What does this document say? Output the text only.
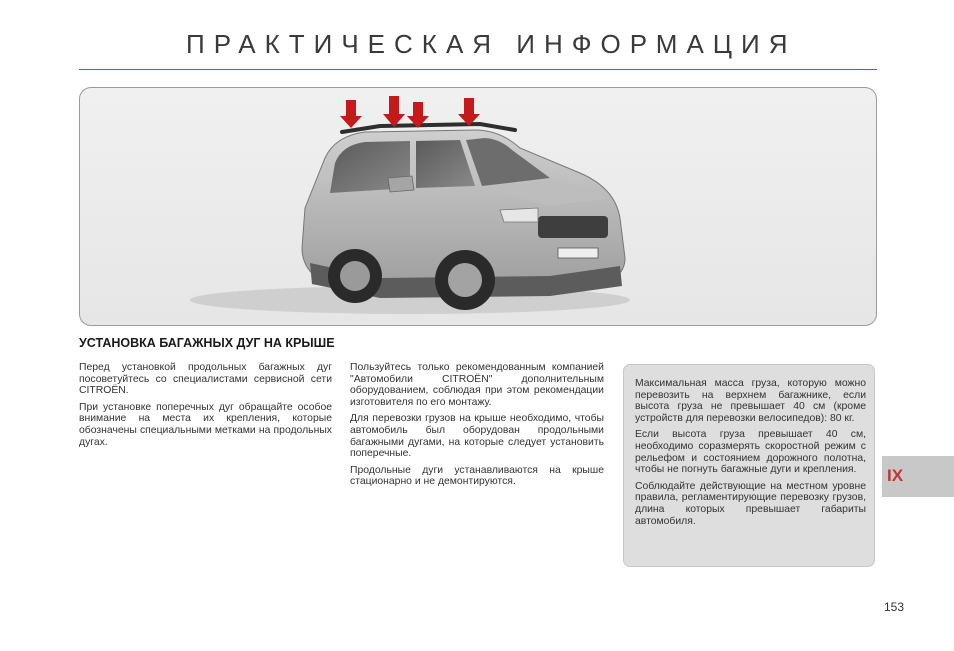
ПРАКТИЧЕСКАЯ ИНФОРМАЦИЯ
УСТАНОВКА БАГАЖНЫХ ДУГ НА КРЫШЕ

Перед установкой продольных багажных дуг посоветуйтесь со специалистами сервисной сети CITROËN.

При установке поперечных дуг обращайте особое внимание на места их крепления, которые обозначены специальными метками на продольных дугах.

Пользуйтесь только рекомендованным компанией "Автомобили CITROËN" дополнительным оборудованием, соблюдая при этом рекомендации изготовителя по его монтажу.

Для перевозки грузов на крыше необходимо, чтобы автомобиль был оборудован продольными багажными дугами, на которые следует установить поперечные.

Продольные дуги устанавливаются на крыше стационарно и не демонтируются.

Максимальная масса груза, которую можно перевозить на верхнем багажнике, если высота груза не превышает 40 см (кроме устройств для перевозки велосипедов): 80 кг.

Если высота груза превышает 40 см, необходимо соразмерять скоростной режим с рельефом и состоянием дорожного полотна, чтобы не погнуть багажные дуги и крепления.

Соблюдайте действующие на местном уровне правила, регламентирующие перевозку грузов, длина которых превышает габариты автомобиля.

IX
153
